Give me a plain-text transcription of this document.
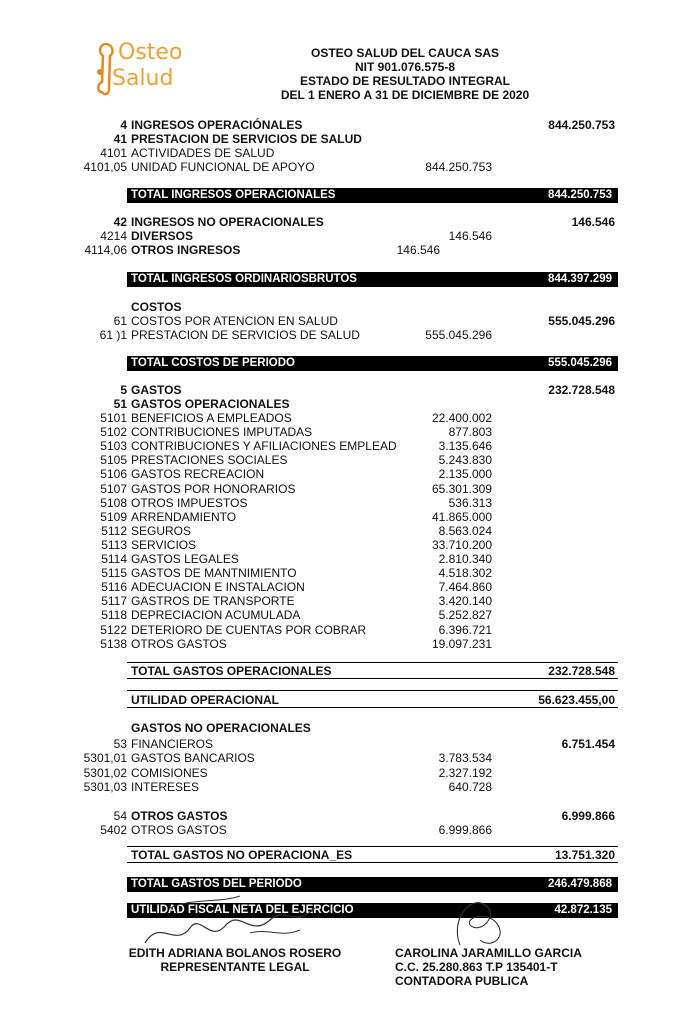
Osteo
Salud
OSTEO SALUD DEL CAUCA SAS
NIT 901.076.575-8
ESTADO DE RESULTADO INTEGRAL
DEL 1 ENERO A 31 DE DICIEMBRE DE 2020
4 INGRESOS OPERACIÓNALES	844.250.753
41 PRESTACION DE SERVICIOS DE SALUD
4101 ACTIVIDADES DE SALUD
4101,05 UNIDAD FUNCIONAL DE APOYO	844.250.753
TOTAL INGRESOS OPERACIONALES	844.250.753
42 INGRESOS NO OPERACIONALES	146.546
4214 DIVERSOS	146.546
4114,06 OTROS INGRESOS	146.546
TOTAL INGRESOS ORDINARIOSBRUTOS	844.397.299
COSTOS
61 COSTOS POR ATENCION EN SALUD	555.045.296
61 )1 PRESTACION DE SERVICIOS DE SALUD	555.045.296
TOTAL COSTOS DE PERIODO	555.045.296
5 GASTOS	232.728.548
51 GASTOS OPERACIONALES
5101 BENEFICIOS A EMPLEADOS	22.400.002
5102 CONTRIBUCIONES IMPUTADAS	877.803
5103 CONTRIBUCIONES Y AFILIACIONES EMPLEAD	3.135.646
5105 PRESTACIONES SOCIALES	5.243.830
5106 GASTOS RECREACION	2.135.000
5107 GASTOS POR HONORARIOS	65.301.309
5108 OTROS IMPUESTOS	536.313
5109 ARRENDAMIENTO	41.865.000
5112 SEGUROS	8.563.024
5113 SERVICIOS	33.710.200
5114 GASTOS LEGALES	2.810.340
5115 GASTOS DE MANTNIMIENTO	4.518.302
5116 ADECUACION E INSTALACION	7.464.860
5117 GASTROS DE TRANSPORTE	3.420.140
5118 DEPRECIACION ACUMULADA	5.252.827
5122 DETERIORO DE CUENTAS POR COBRAR	6.396.721
5138 OTROS GASTOS	19.097.231
TOTAL GASTOS OPERACIONALES	232.728.548
UTILIDAD OPERACIONAL	56.623.455,00
GASTOS NO OPERACIONALES
53 FINANCIEROS	6.751.454
5301,01 GASTOS BANCARIOS	3.783.534
5301,02 COMISIONES	2.327.192
5301,03 INTERESES	640.728
54 OTROS GASTOS	6.999.866
5402 OTROS GASTOS	6.999.866
TOTAL GASTOS NO OPERACIONA_ES	13.751.320
TOTAL GASTOS DEL PERIODO	246.479.868
UTILIDAD FISCAL NETA DEL EJERCICIO	42.872.135
EDITH ADRIANA BOLANOS ROSERO
REPRESENTANTE LEGAL
CAROLINA JARAMILLO GARCIA
C.C. 25.280.863 T.P 135401-T
CONTADORA PUBLICA
